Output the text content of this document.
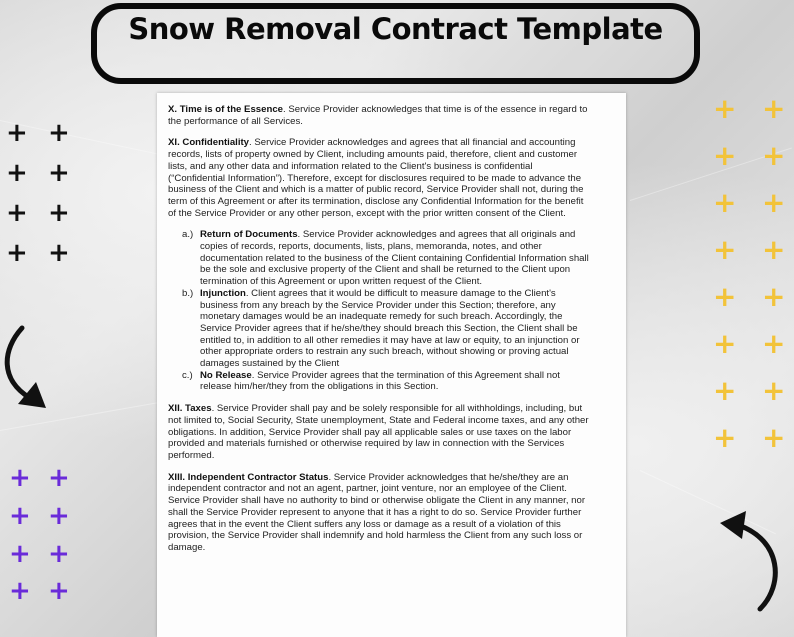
Snow Removal Contract Template

X. Time is of the Essence. Service Provider acknowledges that time is of the essence in regard to the performance of all Services.

XI. Confidentiality. Service Provider acknowledges and agrees that all financial and accounting records, lists of property owned by Client, including amounts paid, therefore, client and customer lists, and any other data and information related to the Client's business is confidential (“Confidential Information”). Therefore, except for disclosures required to be made to advance the business of the Client and which is a matter of public record, Service Provider shall not, during the term of this Agreement or after its termination, disclose any Confidential Information for the benefit of the Service Provider or any other person, except with the prior written consent of the Client.

a.) Return of Documents. Service Provider acknowledges and agrees that all originals and copies of records, reports, documents, lists, plans, memoranda, notes, and other documentation related to the business of the Client containing Confidential Information shall be the sole and exclusive property of the Client and shall be returned to the Client upon termination of this Agreement or upon written request of the Client.
b.) Injunction. Client agrees that it would be difficult to measure damage to the Client's business from any breach by the Service Provider under this Section; therefore, any monetary damages would be an inadequate remedy for such breach. Accordingly, the Service Provider agrees that if he/she/they should breach this Section, the Client shall be entitled to, in addition to all other remedies it may have at law or equity, to an injunction or other appropriate orders to restrain any such breach, without showing or proving actual damages sustained by the Client
c.) No Release. Service Provider agrees that the termination of this Agreement shall not release him/her/they from the obligations in this Section.

XII. Taxes. Service Provider shall pay and be solely responsible for all withholdings, including, but not limited to, Social Security, State unemployment, State and Federal income taxes, and any other obligations. In addition, Service Provider shall pay all applicable sales or use taxes on the labor provided and materials furnished or otherwise required by law in connection with the Services performed.

XIII. Independent Contractor Status. Service Provider acknowledges that he/she/they are an independent contractor and not an agent, partner, joint venture, nor an employee of the Client. Service Provider shall have no authority to bind or otherwise obligate the Client in any manner, nor shall the Service Provider represent to anyone that it has a right to do so. Service Provider further agrees that in the event the Client suffers any loss or damage as a result of a violation of this provision, the Service Provider shall indemnify and hold harmless the Client from any such loss or damage.

+ +
+ +
+ +
+ +
+ +
+ +
+ +
+ +
+ +
+ +
+ +
+ +
+ +
+ +
+ +
+ +
